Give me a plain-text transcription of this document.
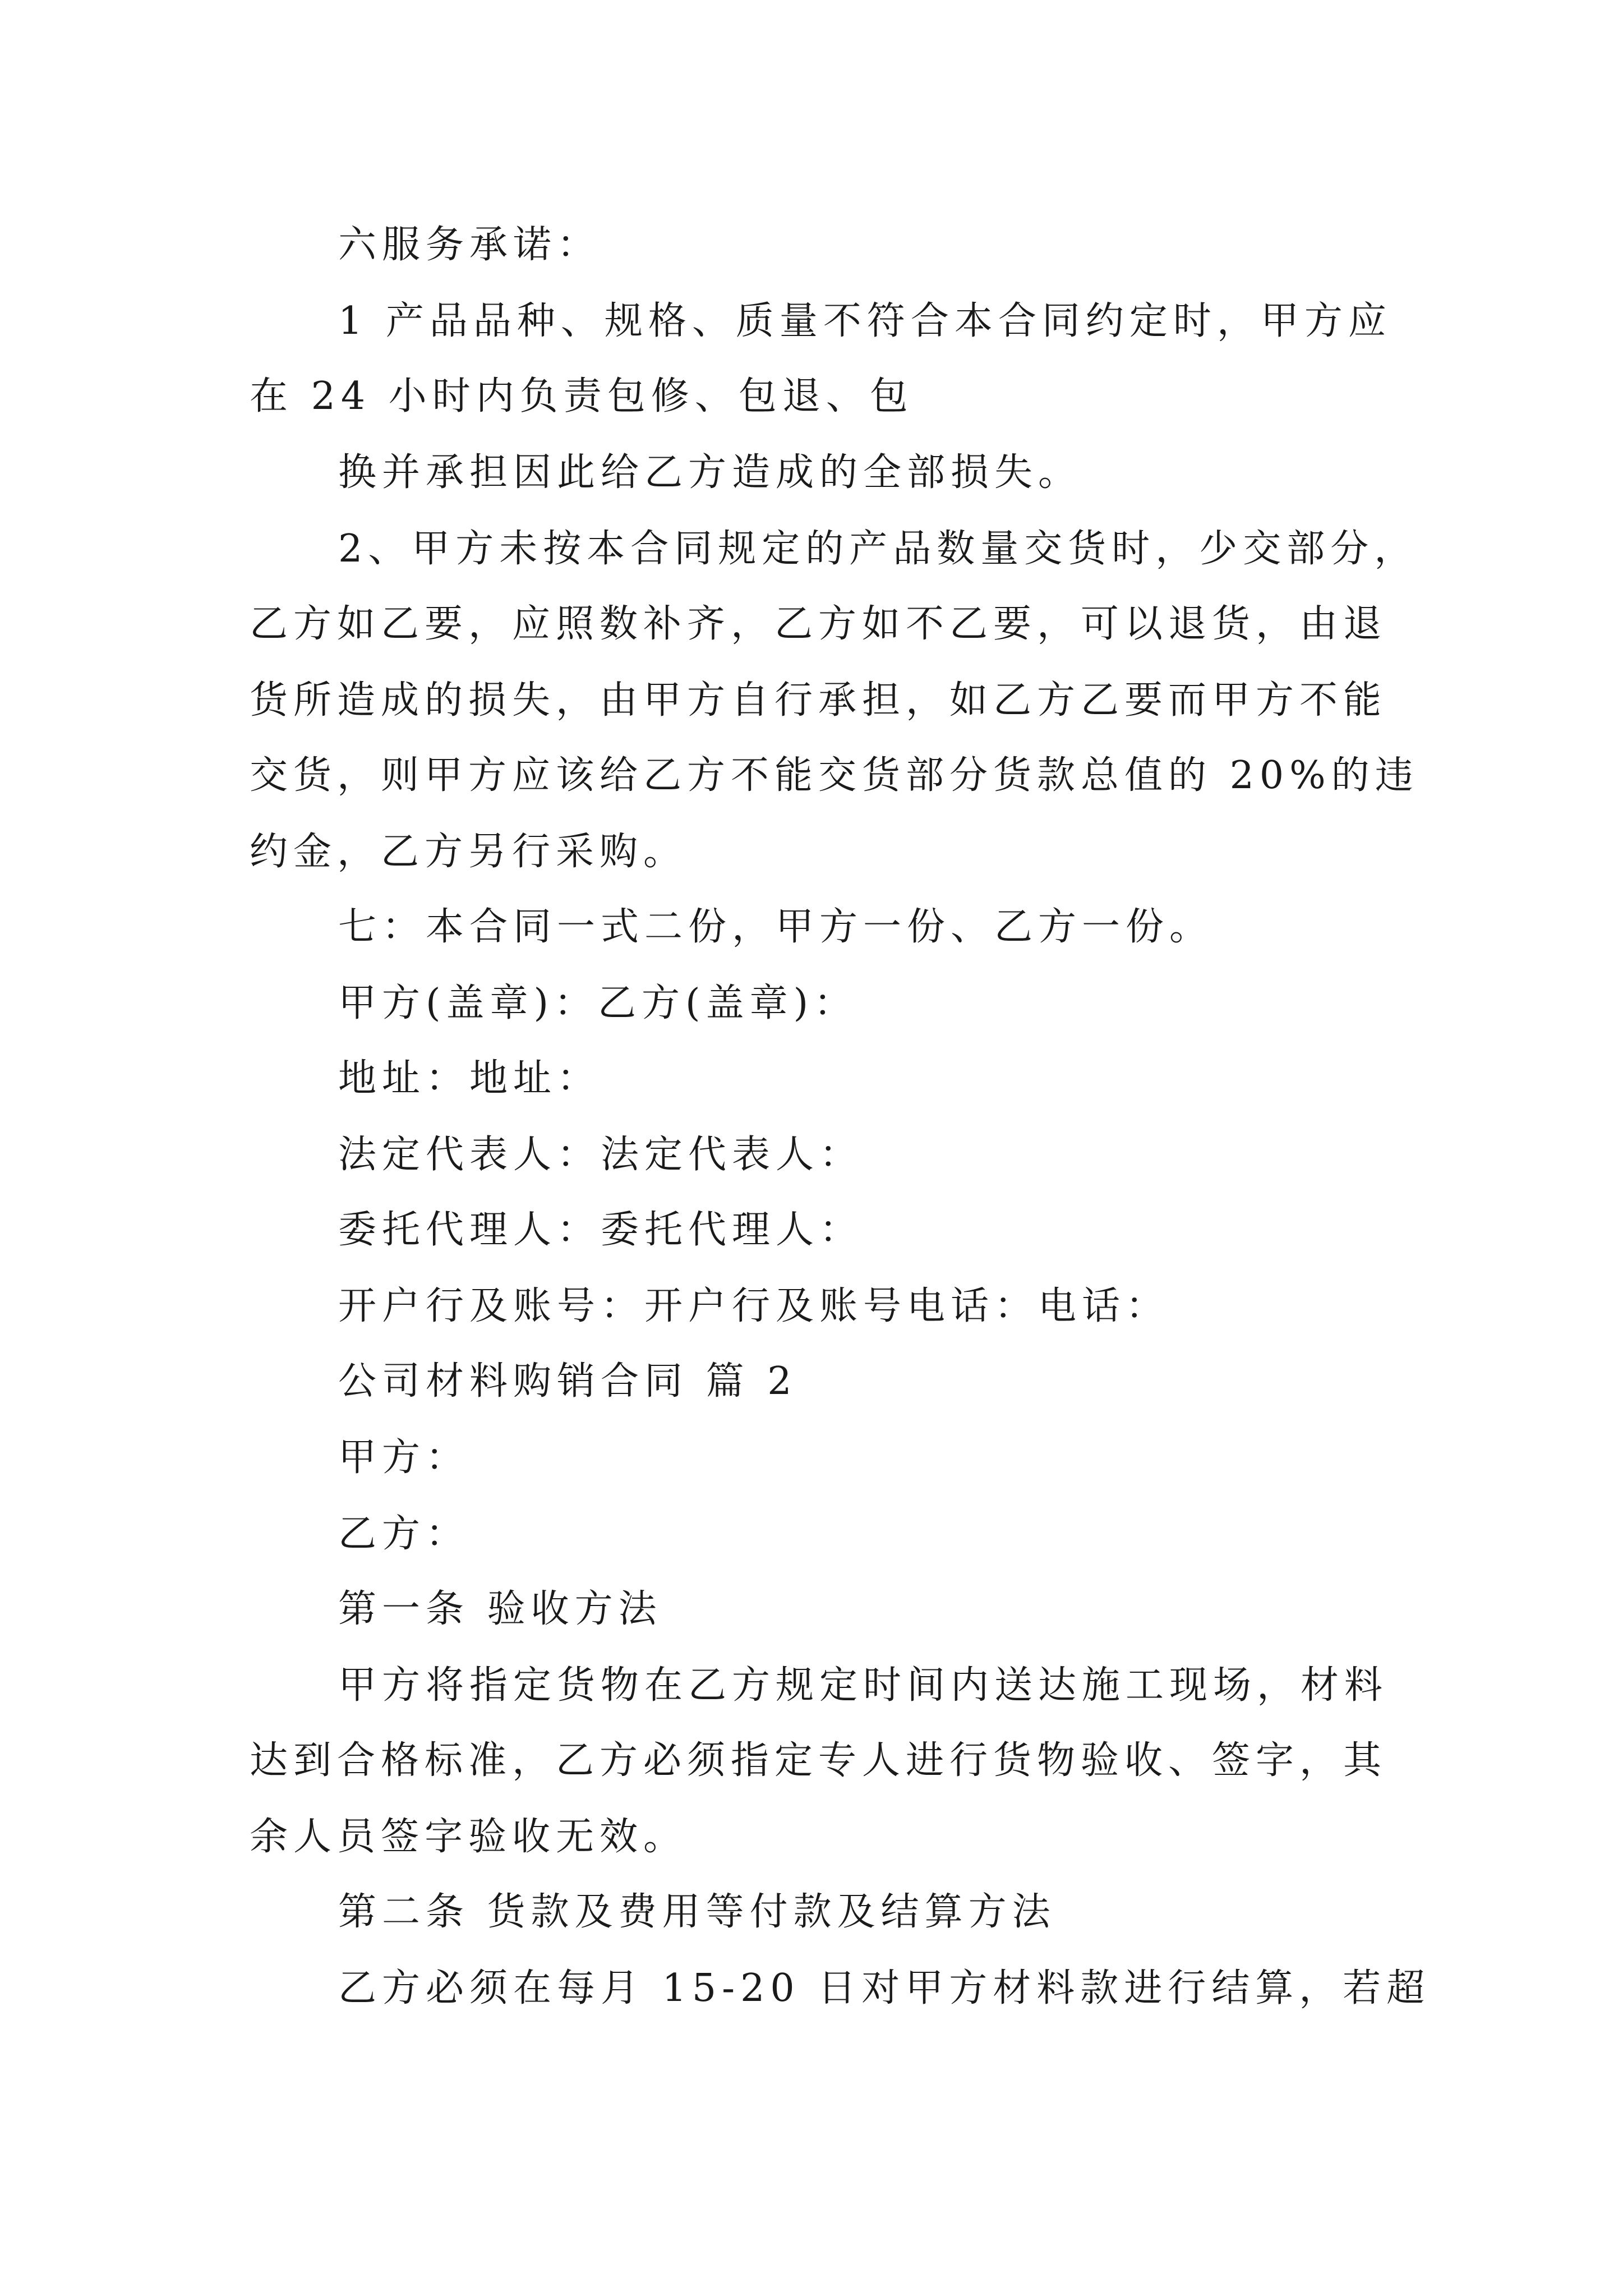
六服务承诺：
1 产品品种、规格、质量不符合本合同约定时，甲方应
在 24 小时内负责包修、包退、包
换并承担因此给乙方造成的全部损失。
2、甲方未按本合同规定的产品数量交货时，少交部分，
乙方如乙要，应照数补齐，乙方如不乙要，可以退货，由退
货所造成的损失，由甲方自行承担，如乙方乙要而甲方不能
交货，则甲方应该给乙方不能交货部分货款总值的 20%的违
约金，乙方另行采购。
七：本合同一式二份，甲方一份、乙方一份。
甲方(盖章)：乙方(盖章)：
地址：地址：
法定代表人：法定代表人：
委托代理人：委托代理人：
开户行及账号：开户行及账号电话：电话：
公司材料购销合同 篇 2
甲方：
乙方：
第一条 验收方法
甲方将指定货物在乙方规定时间内送达施工现场，材料
达到合格标准，乙方必须指定专人进行货物验收、签字，其
余人员签字验收无效。
第二条 货款及费用等付款及结算方法
乙方必须在每月 15-20 日对甲方材料款进行结算，若超
